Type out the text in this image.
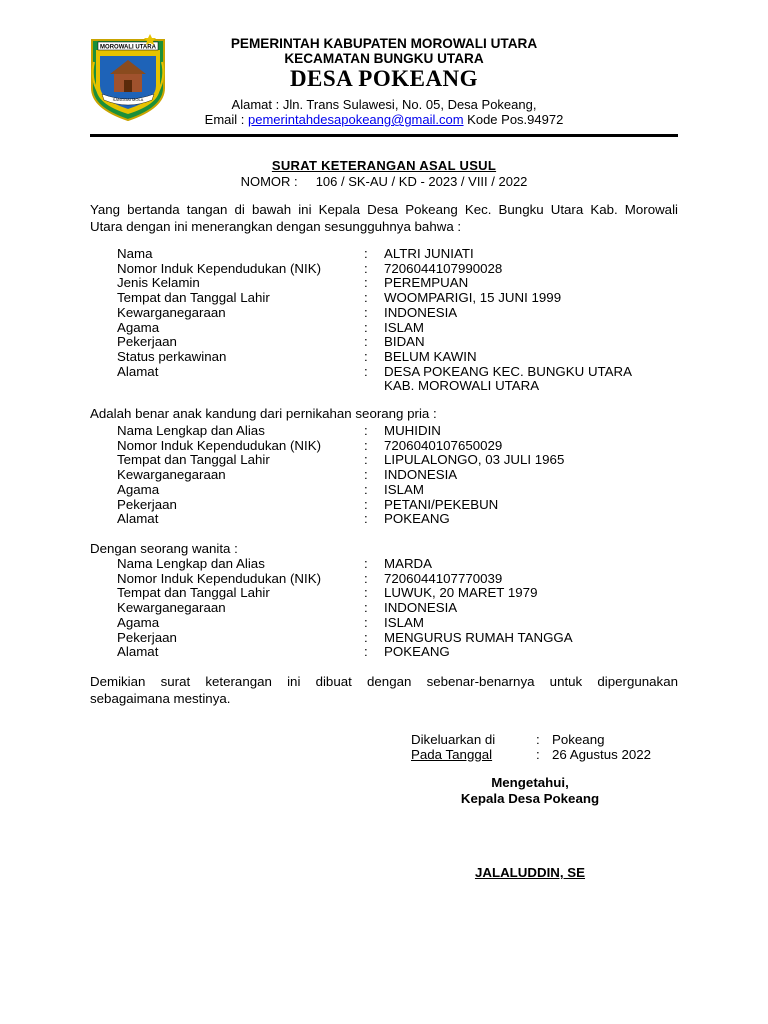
MOROWALI UTARA
SANGGAI MOLA
PEMERINTAH KABUPATEN MOROWALI UTARA
KECAMATAN BUNGKU UTARA
DESA POKEANG
Alamat : Jln. Trans Sulawesi, No. 05, Desa Pokeang,
Email : pemerintahdesapokeang@gmail.com Kode Pos.94972
SURAT KETERANGAN ASAL USUL
NOMOR :     106 / SK-AU / KD - 2023 / VIII / 2022
Yang bertanda tangan di bawah ini Kepala Desa Pokeang Kec. Bungku Utara Kab. Morowali
Utara dengan ini menerangkan dengan sesungguhnya bahwa :
Nama	: ALTRI JUNIATI
Nomor Induk Kependudukan (NIK)	: 7206044107990028
Jenis Kelamin	: PEREMPUAN
Tempat dan Tanggal Lahir	: WOOMPARIGI, 15 JUNI 1999
Kewarganegaraan	: INDONESIA
Agama	: ISLAM
Pekerjaan	: BIDAN
Status perkawinan	: BELUM KAWIN
Alamat	: DESA POKEANG KEC. BUNGKU UTARA
KAB. MOROWALI UTARA
Adalah benar anak kandung dari pernikahan seorang pria :
Nama Lengkap dan Alias	: MUHIDIN
Nomor Induk Kependudukan (NIK)	: 7206040107650029
Tempat dan Tanggal Lahir	: LIPULALONGO, 03 JULI 1965
Kewarganegaraan	: INDONESIA
Agama	: ISLAM
Pekerjaan	: PETANI/PEKEBUN
Alamat	: POKEANG
Dengan seorang wanita :
Nama Lengkap dan Alias	: MARDA
Nomor Induk Kependudukan (NIK)	: 7206044107770039
Tempat dan Tanggal Lahir	: LUWUK, 20 MARET 1979
Kewarganegaraan	: INDONESIA
Agama	: ISLAM
Pekerjaan	: MENGURUS RUMAH TANGGA
Alamat	: POKEANG
Demikian surat keterangan ini dibuat dengan sebenar-benarnya untuk dipergunakan
sebagaimana mestinya.
Dikeluarkan di	: Pokeang
Pada Tanggal	: 26 Agustus 2022
Mengetahui,
Kepala Desa Pokeang
JALALUDDIN, SE
